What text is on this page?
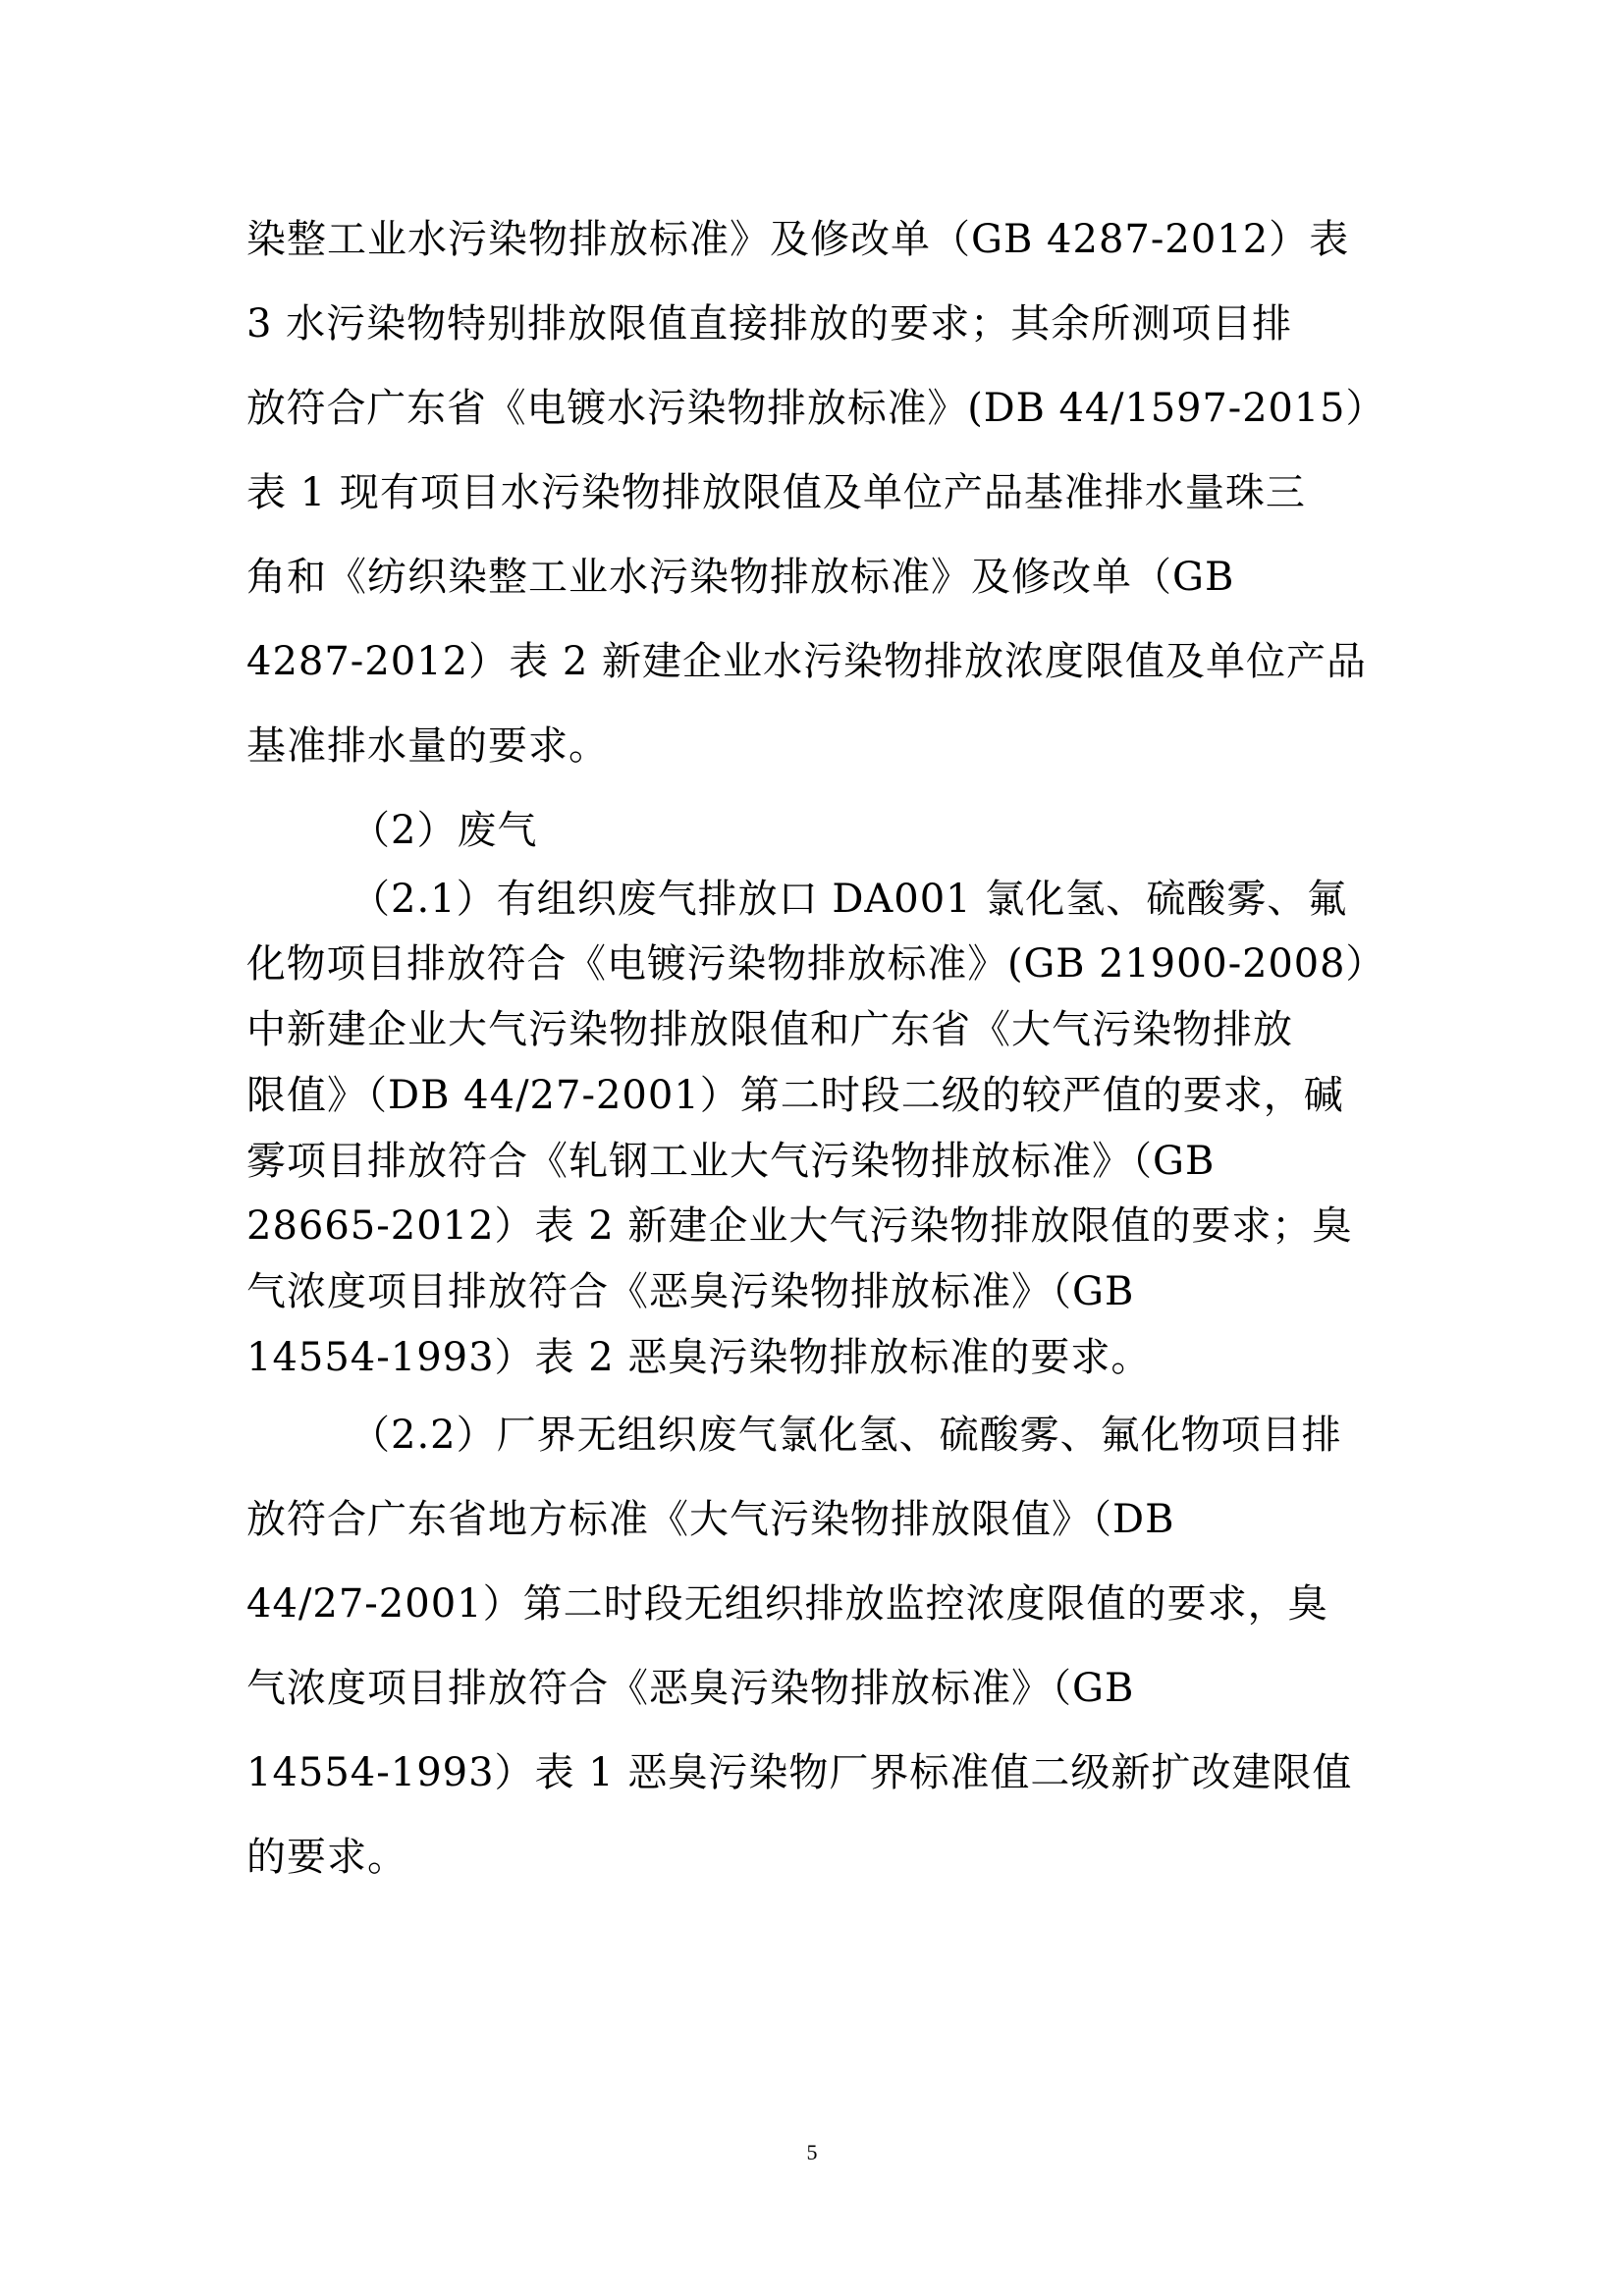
染整工业水污染物排放标准》及修改单（GB 4287-2012）表
3 水污染物特别排放限值直接排放的要求；其余所测项目排
放符合广东省《电镀水污染物排放标准》(DB 44/1597-2015）
表 1 现有项目水污染物排放限值及单位产品基准排水量珠三
角和《纺织染整工业水污染物排放标准》及修改单（GB
4287-2012）表 2 新建企业水污染物排放浓度限值及单位产品
基准排水量的要求。
（2）废气
（2.1）有组织废气排放口 DA001 氯化氢、硫酸雾、氟
化物项目排放符合《电镀污染物排放标准》(GB 21900-2008）
中新建企业大气污染物排放限值和广东省《大气污染物排放
限值》（DB 44/27-2001）第二时段二级的较严值的要求，碱
雾项目排放符合《轧钢工业大气污染物排放标准》（GB
28665-2012）表 2 新建企业大气污染物排放限值的要求；臭
气浓度项目排放符合《恶臭污染物排放标准》（GB
14554-1993）表 2 恶臭污染物排放标准的要求。
（2.2）厂界无组织废气氯化氢、硫酸雾、氟化物项目排
放符合广东省地方标准《大气污染物排放限值》（DB
44/27-2001）第二时段无组织排放监控浓度限值的要求，臭
气浓度项目排放符合《恶臭污染物排放标准》（GB
14554-1993）表 1 恶臭污染物厂界标准值二级新扩改建限值
的要求。
5
